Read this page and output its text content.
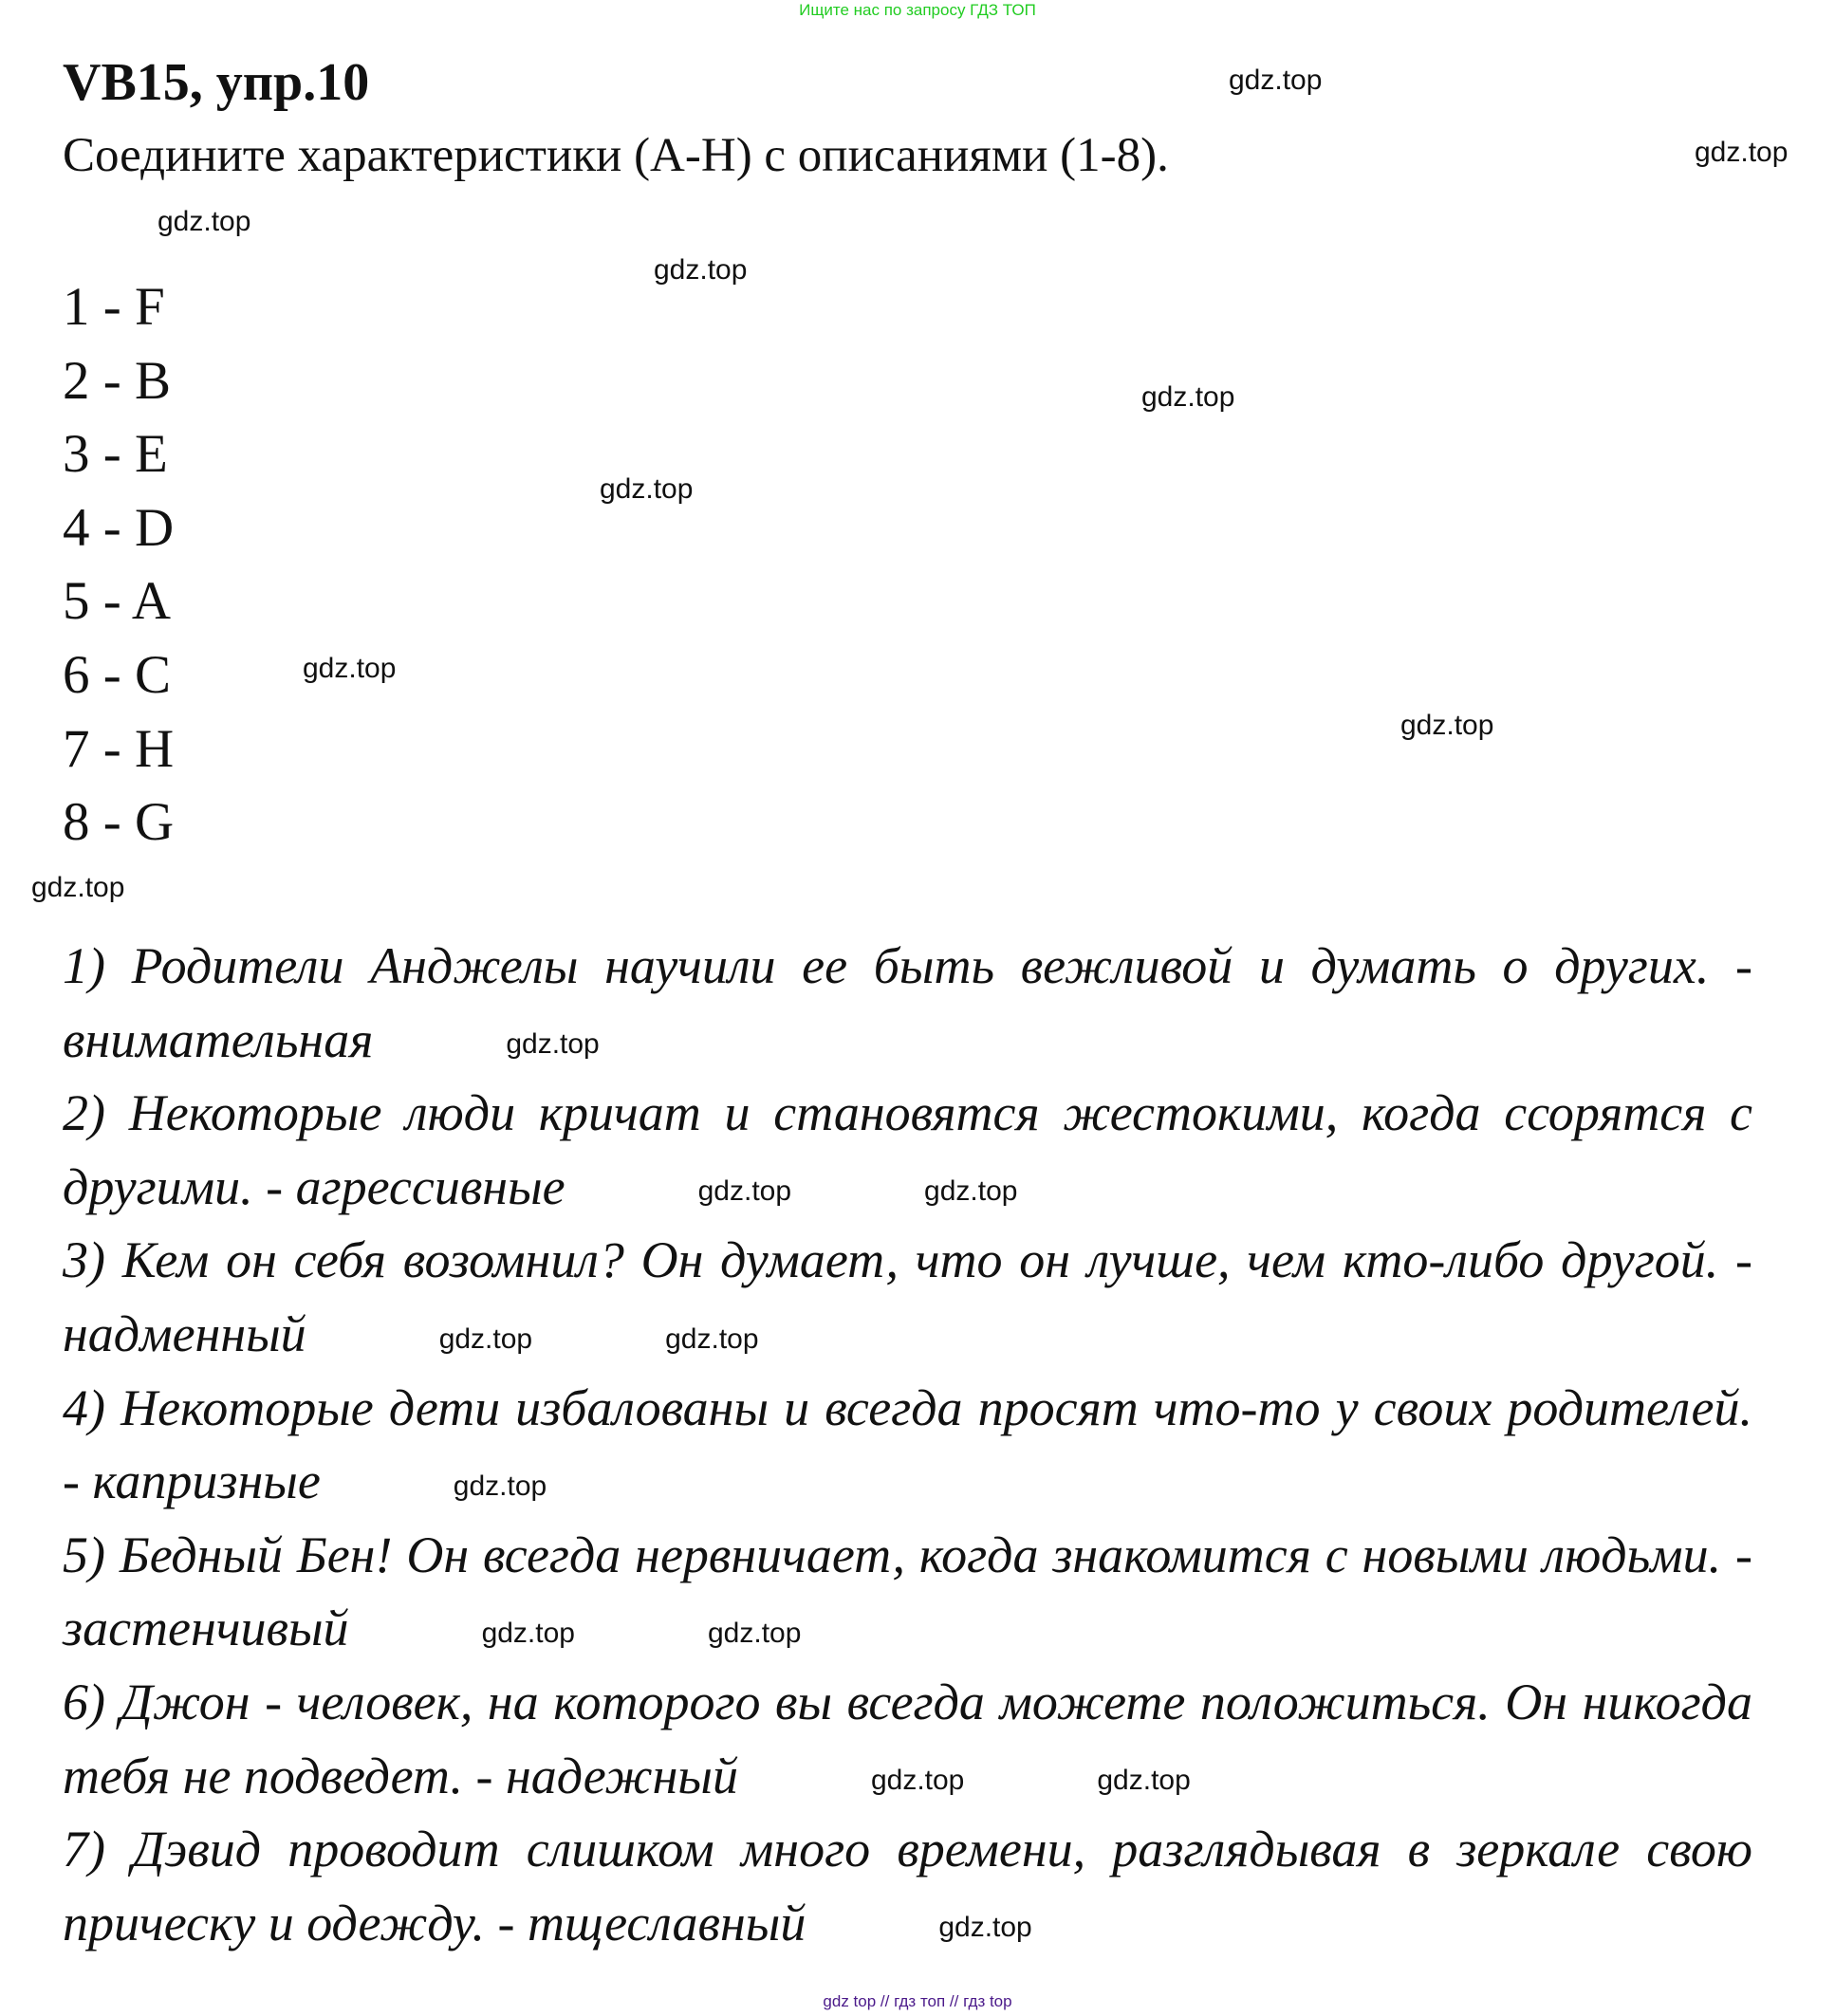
Ищите нас по запросу ГДЗ ТОП
VB15, упр.10
Соедините характеристики (A-H) с описаниями (1-8).
1 - F
2 - B
3 - E
4 - D
5 - A
6 - C
7 - H
8 - G

1) Родители Анджелы научили ее быть вежливой и думать о других. - внимательная	gdz.top

2) Некоторые люди кричат и становятся жестокими, когда ссорятся с другими. - агрессивные	gdz.top	gdz.top

3) Кем он себя возомнил? Он думает, что он лучше, чем кто-либо другой. - надменный	gdz.top	gdz.top

4) Некоторые дети избалованы и всегда просят что-то у своих родителей. - капризные	gdz.top

5) Бедный Бен! Он всегда нервничает, когда знакомится с новыми людьми. - застенчивый	gdz.top	gdz.top

6) Джон - человек, на которого вы всегда можете положиться. Он никогда тебя не подведет. - надежный	gdz.top	gdz.top

7) Дэвид проводит слишком много времени, разглядывая в зеркале свою прическу и одежду. - тщеславный	gdz.top

gdz.top
gdz.top
gdz.top
gdz.top
gdz.top
gdz.top
gdz.top
gdz.top
gdz.top
gdz top // гдз топ // гдз top
